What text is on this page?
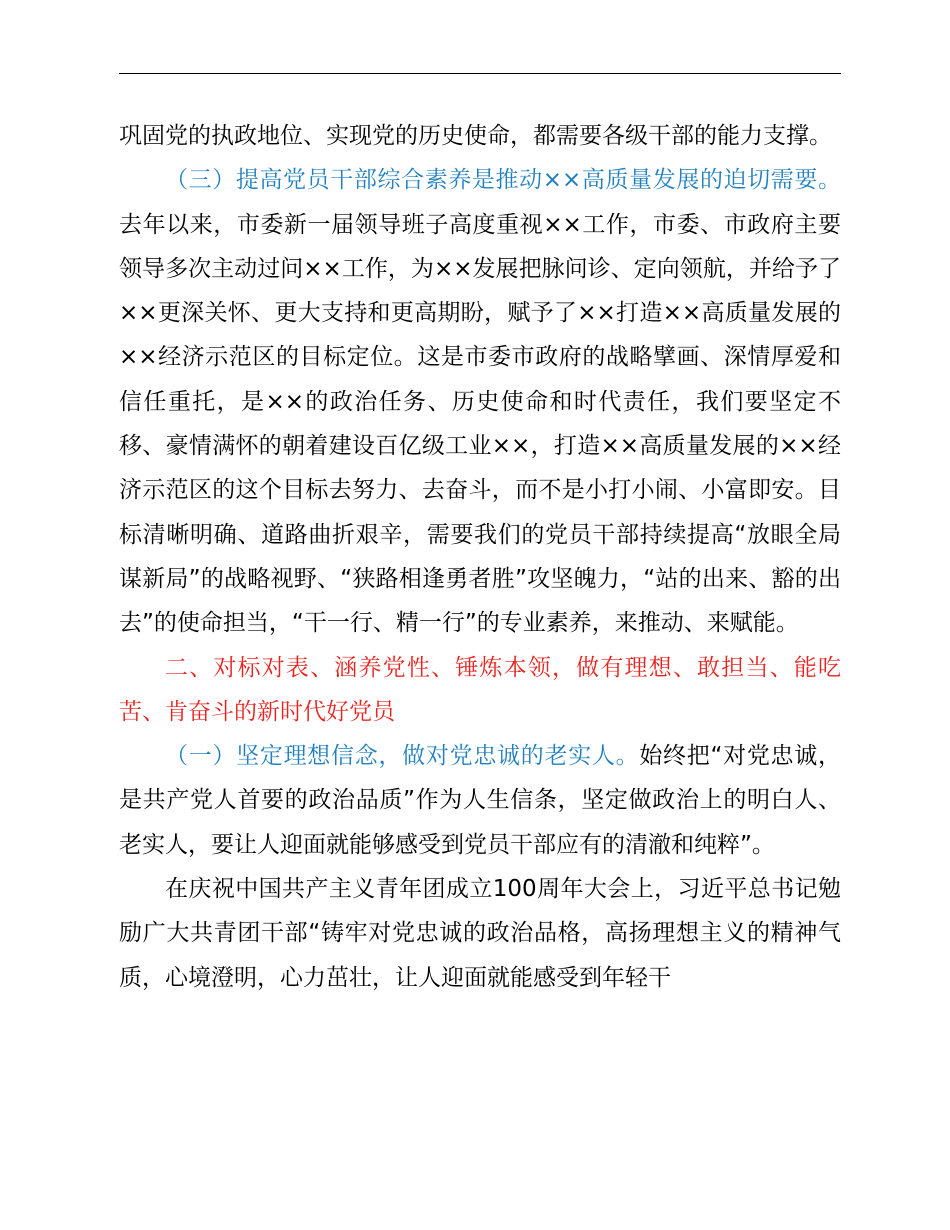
巩固党的执政地位、实现党的历史使命，都需要各级干部的能力支撑。

（三）提高党员干部综合素养是推动××高质量发展的迫切需要。去年以来，市委新一届领导班子高度重视××工作，市委、市政府主要领导多次主动过问××工作，为××发展把脉问诊、定向领航，并给予了××更深关怀、更大支持和更高期盼，赋予了××打造××高质量发展的××经济示范区的目标定位。这是市委市政府的战略擘画、深情厚爱和信任重托，是××的政治任务、历史使命和时代责任，我们要坚定不移、豪情满怀的朝着建设百亿级工业××，打造××高质量发展的××经济示范区的这个目标去努力、去奋斗，而不是小打小闹、小富即安。目标清晰明确、道路曲折艰辛，需要我们的党员干部持续提高“放眼全局谋新局”的战略视野、“狭路相逢勇者胜”攻坚魄力，“站的出来、豁的出去”的使命担当，“干一行、精一行”的专业素养，来推动、来赋能。

二、对标对表、涵养党性、锤炼本领，做有理想、敢担当、能吃苦、肯奋斗的新时代好党员

（一）坚定理想信念，做对党忠诚的老实人。始终把“对党忠诚，是共产党人首要的政治品质”作为人生信条，坚定做政治上的明白人、老实人，要让人迎面就能够感受到党员干部应有的清澈和纯粹”。

在庆祝中国共产主义青年团成立100周年大会上，习近平总书记勉励广大共青团干部“铸牢对党忠诚的政治品格，高扬理想主义的精神气质，心境澄明，心力茁壮，让人迎面就能感受到年轻干
